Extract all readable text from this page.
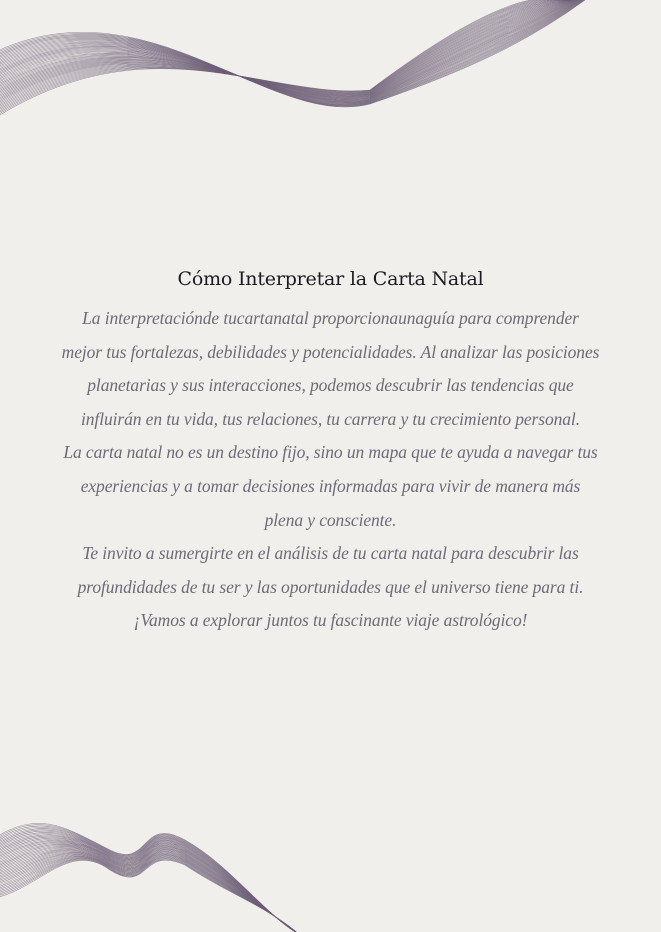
Cómo Interpretar la Carta Natal

La interpretaciónde tucartanatal proporcionaunaguía para comprender mejor tus fortalezas, debilidades y potencialidades. Al analizar las posiciones planetarias y sus interacciones, podemos descubrir las tendencias que influirán en tu vida, tus relaciones, tu carrera y tu crecimiento personal.

La carta natal no es un destino fijo, sino un mapa que te ayuda a navegar tus experiencias y a tomar decisiones informadas para vivir de manera más plena y consciente.

Te invito a sumergirte en el análisis de tu carta natal para descubrir las profundidades de tu ser y las oportunidades que el universo tiene para ti. ¡Vamos a explorar juntos tu fascinante viaje astrológico!
